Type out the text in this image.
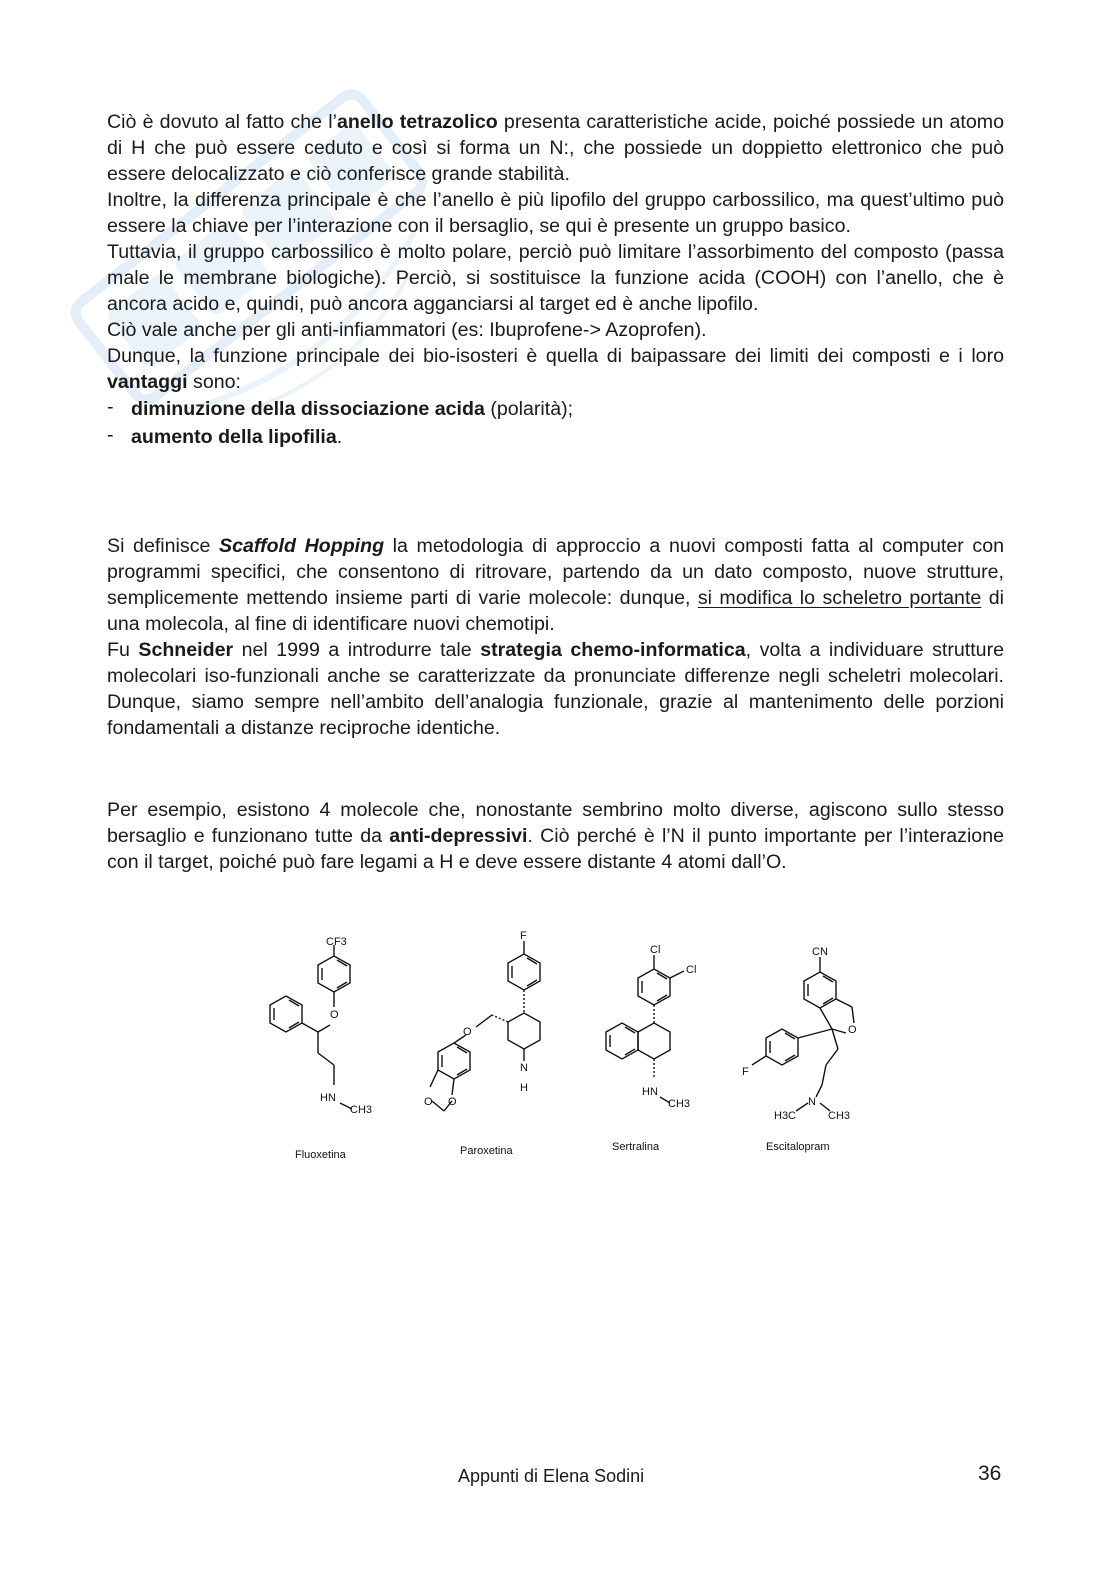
Ciò è dovuto al fatto che l’anello tetrazolico presenta caratteristiche acide, poiché possiede un atomo di H che può essere ceduto e così si forma un N:, che possiede un doppietto elettronico che può essere delocalizzato e ciò conferisce grande stabilità.

Inoltre, la differenza principale è che l’anello è più lipofilo del gruppo carbossilico, ma quest’ultimo può essere la chiave per l’interazione con il bersaglio, se qui è presente un gruppo basico.

Tuttavia, il gruppo carbossilico è molto polare, perciò può limitare l’assorbimento del composto (passa male le membrane biologiche). Perciò, si sostituisce la funzione acida (COOH) con l’anello, che è ancora acido e, quindi, può ancora agganciarsi al target ed è anche lipofilo.

Ciò vale anche per gli anti-infiammatori (es: Ibuprofene-> Azoprofen).

Dunque, la funzione principale dei bio-isosteri è quella di baipassare dei limiti dei composti e i loro vantaggi sono:

- diminuzione della dissociazione acida (polarità);
- aumento della lipofilia.

Si definisce Scaffold Hopping la metodologia di approccio a nuovi composti fatta al computer con programmi specifici, che consentono di ritrovare, partendo da un dato composto, nuove strutture, semplicemente mettendo insieme parti di varie molecole: dunque, si modifica lo scheletro portante di una molecola, al fine di identificare nuovi chemotipi.

Fu Schneider nel 1999 a introdurre tale strategia chemo-informatica, volta a individuare strutture molecolari iso-funzionali anche se caratterizzate da pronunciate differenze negli scheletri molecolari. Dunque, siamo sempre nell’ambito dell’analogia funzionale, grazie al mantenimento delle porzioni fondamentali a distanze reciproche identiche.

Per esempio, esistono 4 molecole che, nonostante sembrino molto diverse, agiscono sullo stesso bersaglio e funzionano tutte da anti-depressivi. Ciò perché è l’N il punto importante per l’interazione con il target, poiché può fare legami a H e deve essere distante 4 atomi dall’O.

CF3
O
HN
CH3
Fluoxetina
F
O
N
H
O O
Paroxetina
Cl
Cl
HN
CH3
Sertralina
CN
O
F
N
H3C	CH3
Escitalopram
Appunti di Elena Sodini	36
